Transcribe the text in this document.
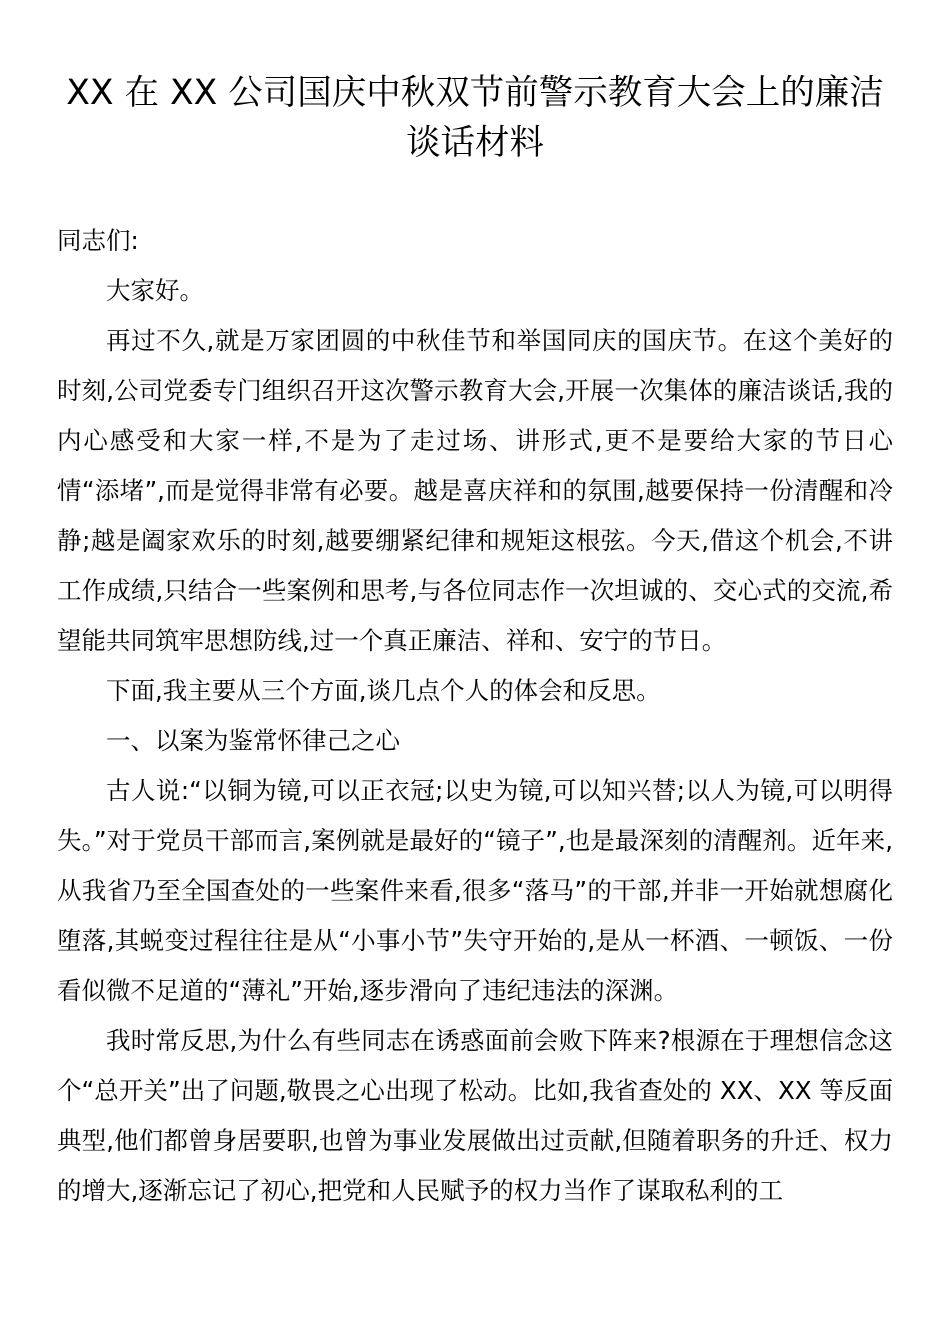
XX 在 XX 公司国庆中秋双节前警示教育大会上的廉洁谈话材料

同志们:

大家好。

再过不久,就是万家团圆的中秋佳节和举国同庆的国庆节。在这个美好的时刻,公司党委专门组织召开这次警示教育大会,开展一次集体的廉洁谈话,我的内心感受和大家一样,不是为了走过场、讲形式,更不是要给大家的节日心情“添堵”,而是觉得非常有必要。越是喜庆祥和的氛围,越要保持一份清醒和冷静;越是阖家欢乐的时刻,越要绷紧纪律和规矩这根弦。今天,借这个机会,不讲工作成绩,只结合一些案例和思考,与各位同志作一次坦诚的、交心式的交流,希望能共同筑牢思想防线,过一个真正廉洁、祥和、安宁的节日。

下面,我主要从三个方面,谈几点个人的体会和反思。

一、以案为鉴常怀律己之心

古人说:“以铜为镜,可以正衣冠;以史为镜,可以知兴替;以人为镜,可以明得失。”对于党员干部而言,案例就是最好的“镜子”,也是最深刻的清醒剂。近年来,从我省乃至全国查处的一些案件来看,很多“落马”的干部,并非一开始就想腐化堕落,其蜕变过程往往是从“小事小节”失守开始的,是从一杯酒、一顿饭、一份看似微不足道的“薄礼”开始,逐步滑向了违纪违法的深渊。

我时常反思,为什么有些同志在诱惑面前会败下阵来?根源在于理想信念这个“总开关”出了问题,敬畏之心出现了松动。比如,我省查处的 XX、XX 等反面典型,他们都曾身居要职,也曾为事业发展做出过贡献,但随着职务的升迁、权力的增大,逐渐忘记了初心,把党和人民赋予的权力当作了谋取私利的工
